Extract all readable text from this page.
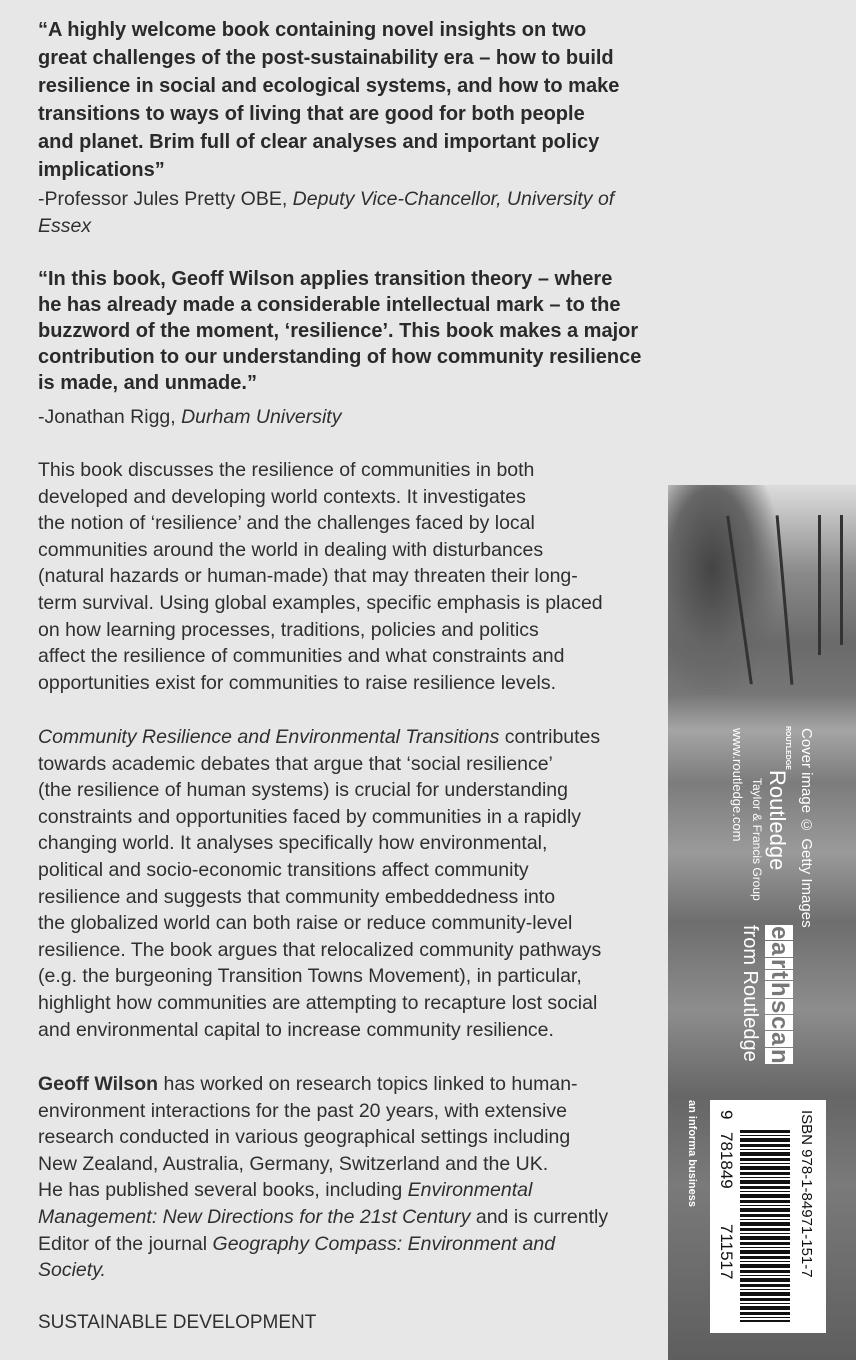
“A highly welcome book containing novel insights on two
great challenges of the post-sustainability era – how to build
resilience in social and ecological systems, and how to make
transitions to ways of living that are good for both people
and planet. Brim full of clear analyses and important policy
implications”
-Professor Jules Pretty OBE, Deputy Vice-Chancellor, University of
Essex
“In this book, Geoff Wilson applies transition theory – where
he has already made a considerable intellectual mark – to the
buzzword of the moment, ‘resilience’. This book makes a major
contribution to our understanding of how community resilience
is made, and unmade.”
-Jonathan Rigg, Durham University
This book discusses the resilience of communities in both
developed and developing world contexts. It investigates
the notion of ‘resilience’ and the challenges faced by local
communities around the world in dealing with disturbances
(natural hazards or human-made) that may threaten their long-
term survival. Using global examples, specific emphasis is placed
on how learning processes, traditions, policies and politics
affect the resilience of communities and what constraints and
opportunities exist for communities to raise resilience levels.
Community Resilience and Environmental Transitions contributes
towards academic debates that argue that ‘social resilience’
(the resilience of human systems) is crucial for understanding
constraints and opportunities faced by communities in a rapidly
changing world. It analyses specifically how environmental,
political and socio-economic transitions affect community
resilience and suggests that community embeddedness into
the globalized world can both raise or reduce community-level
resilience. The book argues that relocalized community pathways
(e.g. the burgeoning Transition Towns Movement), in particular,
highlight how communities are attempting to recapture lost social
and environmental capital to increase community resilience.
Geoff Wilson has worked on research topics linked to human-
environment interactions for the past 20 years, with extensive
research conducted in various geographical settings including
New Zealand, Australia, Germany, Switzerland and the UK.
He has published several books, including Environmental
Management: New Directions for the 21st Century and is currently
Editor of the journal Geography Compass: Environment and
Society.
SUSTAINABLE DEVELOPMENT
Cover image © Getty Images
ROUTLEDGE
Routledge
Taylor & Francis Group
www.routledge.com
earthscan
from Routledge
an informa business	ISBN 978-1-84971-151-7
9
781849
711517
